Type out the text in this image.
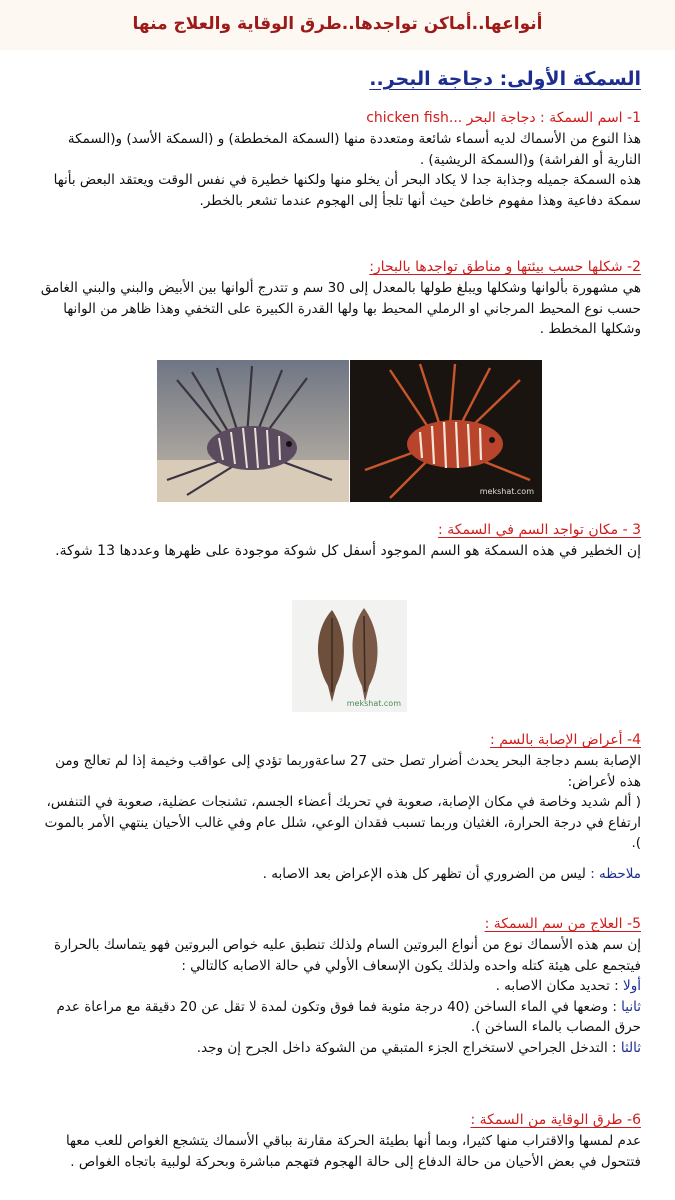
أنواعها..أماكن تواجدها..طرق الوقاية والعلاج منها
السمكة الأولى: دجاجة البحر..
1- اسم السمكة : دجاجة البحر ...chicken fish

هذا النوع من الأسماك لديه أسماء شائعة ومتعددة منها (السمكة المخططة) و (السمكة الأسد) و(السمكة النارية أو الفراشة) و(السمكة الريشية) .

هذه السمكة جميله وجذابة جدا لا يكاد البحر أن يخلو منها ولكنها خطيرة في نفس الوقت ويعتقد البعض بأنها سمكة دفاعية وهذا مفهوم خاطئ حيث أنها تلجأ إلى الهجوم عندما تشعر بالخطر.

2- شكلها حسب بيئتها و مناطق تواجدها بالبحار:

هي مشهورة بألوانها وشكلها ويبلغ طولها بالمعدل إلى 30 سم و تتدرج ألوانها بين الأبيض والبني والبني الغامق حسب نوع المحيط المرجاني او الرملي المحيط بها ولها القدرة الكبيرة على التخفي وهذا ظاهر من الوانها وشكلها المخطط .

mekshat.com
3 - مكان تواجد السم في السمكة :

إن الخطير في هذه السمكة هو السم الموجود أسفل كل شوكة موجودة على ظهرها وعددها 13 شوكة.

mekshat.com
4- أعراض الإصابة بالسم :

الإصابة بسم دجاجة البحر يحدث أضرار تصل حتى 27 ساعةوربما تؤدي إلى عواقب وخيمة إذا لم تعالج ومن هذه لأعراض:

( ألم شديد وخاصة في مكان الإصابة، صعوبة في تحريك أعضاء الجسم، تشنجات عضلية، صعوبة في التنفس، ارتفاع في درجة الحرارة، الغثيان وربما تسبب فقدان الوعي، شلل عام وفي غالب الأحيان ينتهي الأمر بالموت ).

ملاحظه : ليس من الضروري أن تظهر كل هذه الإعراض بعد الاصابه .

5- العلاج من سم السمكة :

إن سم هذه الأسماك نوع من أنواع البروتين السام ولذلك تنطبق عليه خواص البروتين فهو يتماسك بالحرارة فيتجمع على هيئة كتله واحده ولذلك يكون الإسعاف الأولي في حالة الاصابه كالتالي :

أولا : تحديد مكان الاصابه .

ثانيا : وضعها في الماء الساخن (40 درجة مئوية فما فوق وتكون لمدة لا تقل عن 20 دقيقة مع مراعاة عدم حرق المصاب بالماء الساخن ).

ثالثا : التدخل الجراحي لاستخراج الجزء المتبقي من الشوكة داخل الجرح إن وجد.

6- طرق الوقاية من السمكة :

عدم لمسها والاقتراب منها كثيرا، وبما أنها بطيئة الحركة مقارنة بباقي الأسماك يتشجع الغواص للعب معها فتتحول في بعض الأحيان من حالة الدفاع إلى حالة الهجوم فتهجم مباشرة وبحركة لولبية باتجاه الغواص .
